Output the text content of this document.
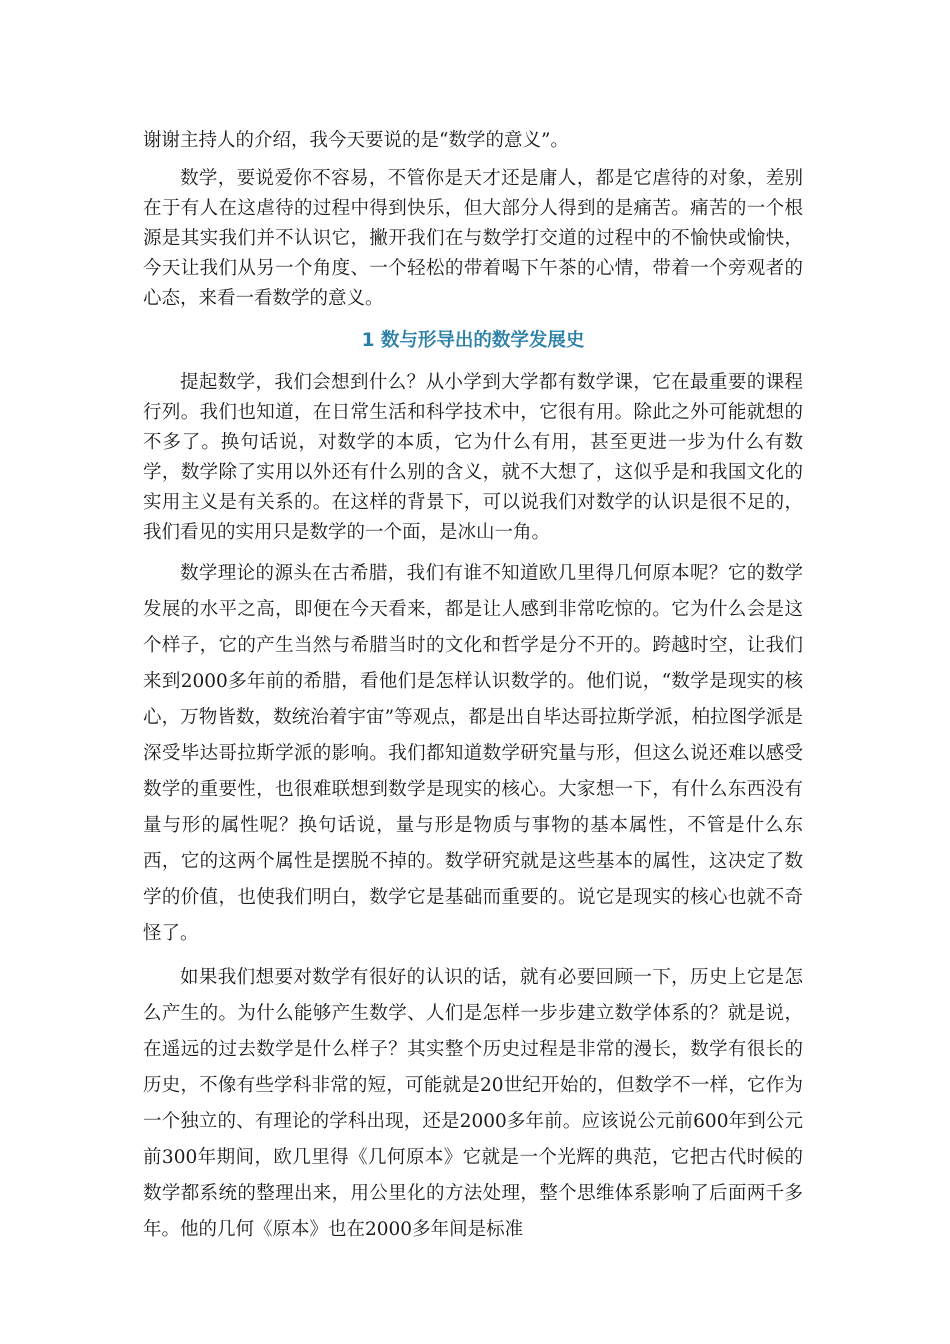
谢谢主持人的介绍，我今天要说的是“数学的意义”。

数学，要说爱你不容易，不管你是天才还是庸人，都是它虐待的对象，差别在于有人在这虐待的过程中得到快乐，但大部分人得到的是痛苦。痛苦的一个根源是其实我们并不认识它，撇开我们在与数学打交道的过程中的不愉快或愉快，今天让我们从另一个角度、一个轻松的带着喝下午茶的心情，带着一个旁观者的心态，来看一看数学的意义。

1 数与形导出的数学发展史

提起数学，我们会想到什么？从小学到大学都有数学课，它在最重要的课程行列。我们也知道，在日常生活和科学技术中，它很有用。除此之外可能就想的不多了。换句话说，对数学的本质，它为什么有用，甚至更进一步为什么有数学，数学除了实用以外还有什么别的含义，就不大想了，这似乎是和我国文化的实用主义是有关系的。在这样的背景下，可以说我们对数学的认识是很不足的，我们看见的实用只是数学的一个面，是冰山一角。

数学理论的源头在古希腊，我们有谁不知道欧几里得几何原本呢？它的数学发展的水平之高，即便在今天看来，都是让人感到非常吃惊的。它为什么会是这个样子，它的产生当然与希腊当时的文化和哲学是分不开的。跨越时空，让我们来到2000多年前的希腊，看他们是怎样认识数学的。他们说，“数学是现实的核心，万物皆数，数统治着宇宙”等观点，都是出自毕达哥拉斯学派，柏拉图学派是深受毕达哥拉斯学派的影响。我们都知道数学研究量与形，但这么说还难以感受数学的重要性，也很难联想到数学是现实的核心。大家想一下，有什么东西没有量与形的属性呢？换句话说，量与形是物质与事物的基本属性，不管是什么东西，它的这两个属性是摆脱不掉的。数学研究就是这些基本的属性，这决定了数学的价值，也使我们明白，数学它是基础而重要的。说它是现实的核心也就不奇怪了。

如果我们想要对数学有很好的认识的话，就有必要回顾一下，历史上它是怎么产生的。为什么能够产生数学、人们是怎样一步步建立数学体系的？就是说，在遥远的过去数学是什么样子？其实整个历史过程是非常的漫长，数学有很长的历史，不像有些学科非常的短，可能就是20世纪开始的，但数学不一样，它作为一个独立的、有理论的学科出现，还是2000多年前。应该说公元前600年到公元前300年期间，欧几里得《几何原本》它就是一个光辉的典范，它把古代时候的数学都系统的整理出来，用公里化的方法处理，整个思维体系影响了后面两千多年。他的几何《原本》也在2000多年间是标准
